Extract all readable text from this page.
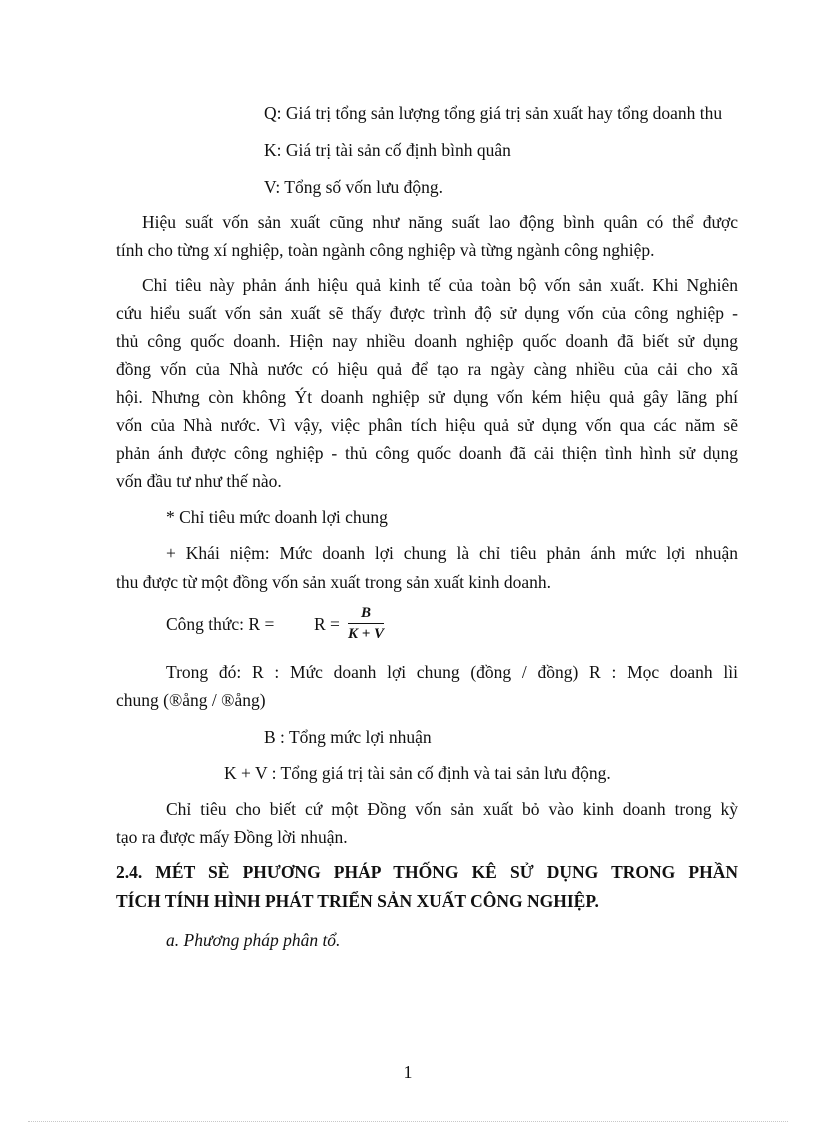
Q: Giá trị tổng sản lượng tổng giá trị sản xuất hay tổng doanh thu
K: Giá trị tài sản cố định bình quân
V: Tổng số vốn lưu động.
Hiệu suất vốn sản xuất cũng như năng suất lao động bình quân có thể được
tính cho từng xí nghiệp, toàn ngành công nghiệp và từng ngành công nghiệp.
Chỉ tiêu này phản ánh hiệu quả kinh tế của toàn bộ vốn sản xuất. Khi Nghiên
cứu hiểu suất vốn sản xuất sẽ thấy được trình độ sử dụng vốn của công nghiệp -
thủ công quốc doanh. Hiện nay nhiều doanh nghiệp quốc doanh đã biết sử dụng
đồng vốn của Nhà nước có hiệu quả để tạo ra ngày càng nhiều của cải cho xã
hội. Nhưng còn không Ýt doanh nghiệp sử dụng vốn kém hiệu quả gây lãng phí
vốn của Nhà nước. Vì vậy, việc phân tích hiệu quả sử dụng vốn qua các năm sẽ
phản ánh được công nghiệp - thủ công quốc doanh đã cải thiện tình hình sử dụng
vốn đầu tư như thế nào.
* Chỉ tiêu mức doanh lợi chung
+ Khái niệm: Mức doanh lợi chung là chỉ tiêu phản ánh mức lợi nhuận
thu được từ một đồng vốn sản xuất trong sản xuất kinh doanh.
Công thức: $R = R = \frac{B}{K + V}$
Trong đó: R : Mức doanh lợi chung (đồng / đồng) R : Mọc doanh lìi
chung (®ång / ®ång)
B : Tổng mức lợi nhuận
K + V : Tổng giá trị tài sản cố định và tai sản lưu động.
Chỉ tiêu cho biết cứ một Đồng vốn sản xuất bỏ vào kinh doanh trong kỳ
tạo ra được mấy Đồng lời nhuận.
2.4. MÉT SÈ PHƯƠNG PHÁP THỐNG KÊ SỬ DỤNG TRONG PHẦN
TÍCH TÍNH HÌNH PHÁT TRIỂN SẢN XUẤT CÔNG NGHIỆP.
a. Phương pháp phân tổ.
1
